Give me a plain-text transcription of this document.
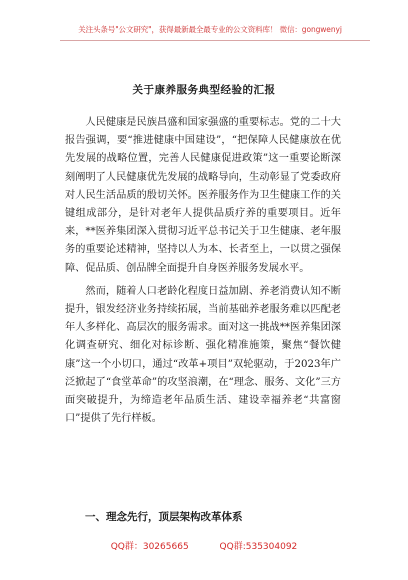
关注头条号"公文研究"，获得最新最全最专业的公文资料库！ 微信：gongwenyj
关于康养服务典型经验的汇报

人民健康是民族昌盛和国家强盛的重要标志。党的二十大报告强调，要“推进健康中国建设”，“把保障人民健康放在优先发展的战略位置，完善人民健康促进政策”这一重要论断深刻阐明了人民健康优先发展的战略导向，生动彰显了党委政府对人民生活品质的殷切关怀。医养服务作为卫生健康工作的关键组成部分，是针对老年人提供品质疗养的重要项目。近年来，**医养集团深入贯彻习近平总书记关于卫生健康、老年服务的重要论述精神，坚持以人为本、长者至上，一以贯之强保障、促品质、创品牌全面提升自身医养服务发展水平。

然而，随着人口老龄化程度日益加剧、养老消费认知不断提升，银发经济业务持续拓展，当前基础养老服务难以匹配老年人多样化、高层次的服务需求。面对这一挑战**医养集团深化调查研究、细化对标诊断、强化精准施策，聚焦“餐饮健康”这一个小切口，通过“改革+项目”双轮驱动，于2023年广泛掀起了“食堂革命”的攻坚浪潮，在“理念、服务、文化”三方面突破提升，为缔造老年品质生活、建设幸福养老“共富窗口”提供了先行样板。

一、理念先行，顶层架构改革体系
QQ群：30265665	QQ群:535304092
